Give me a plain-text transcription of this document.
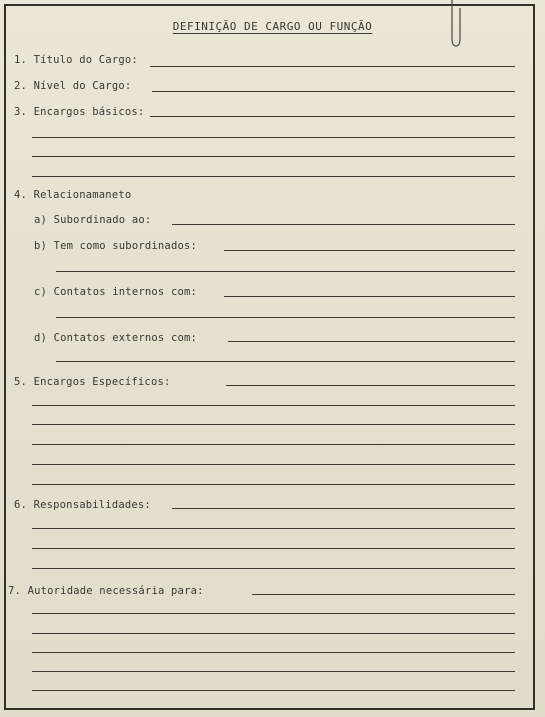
DEFINIÇÃO DE CARGO OU FUNÇÃO
1. Título do Cargo:
2. Nível do Cargo:
3. Encargos básicos:
4. Relacionamaneto
a) Subordinado ao:
b) Tem como subordinados:
c) Contatos internos com:
d) Contatos externos com:
5. Encargos Específicos:
6. Responsabilidades:
7. Autoridade necessária para:
